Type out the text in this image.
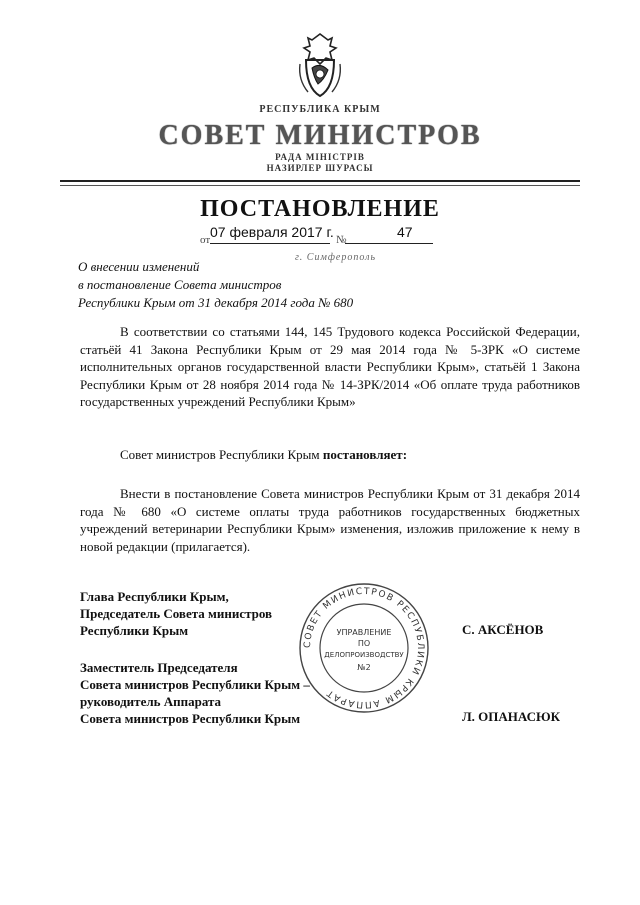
РЕСПУБЛИКА КРЫМ
СОВЕТ МИНИСТРОВ
РАДА МІНІСТРІВ
НАЗИРЛЕР ШУРАСЫ
ПОСТАНОВЛЕНИЕ
от 07 февраля 2017 г. №	47
г. Симферополь
О внесении изменений
в постановление Совета министров
Республики Крым от 31 декабря 2014 года № 680
В соответствии со статьями 144, 145 Трудового кодекса Российской Федерации, статьёй 41 Закона Республики Крым от 29 мая 2014 года № 5-ЗРК «О системе исполнительных органов государственной власти Республики Крым», статьёй 1 Закона Республики Крым от 28 ноября 2014 года № 14-ЗРК/2014 «Об оплате труда работников государственных учреждений Республики Крым»
Совет министров Республики Крым постановляет:
Внести в постановление Совета министров Республики Крым от 31 декабря 2014 года № 680 «О системе оплаты труда работников государственных бюджетных учреждений ветеринарии Республики Крым» изменения, изложив приложение к нему в новой редакции (прилагается).
Глава Республики Крым,
Председатель Совета министров
Республики Крым	С. АКСЁНОВ
Заместитель Председателя
Совета министров Республики Крым –
руководитель Аппарата
Совета министров Республики Крым	Л. ОПАНАСЮК
СОВЕТ МИНИСТРОВ РЕСПУБЛИКИ КРЫМ АППАРАТ
УПРАВЛЕНИЕ
ПО
ДЕЛОПРОИЗВОДСТВУ
№2
